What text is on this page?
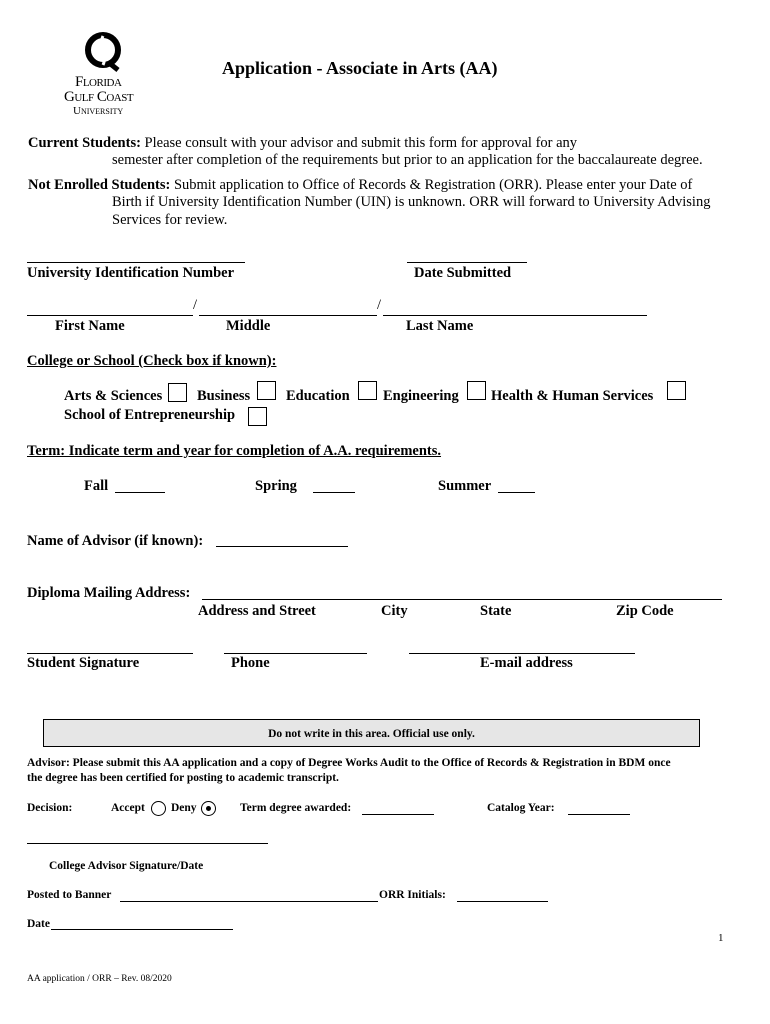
Florida
Gulf Coast
University
Application - Associate in Arts (AA)
Current Students: Please consult with your advisor and submit this form for approval for any
semester after completion of the requirements but prior to an application for the baccalaureate degree.
Not Enrolled Students: Submit application to Office of Records & Registration (ORR). Please enter your Date of
Birth if University Identification Number (UIN) is unknown. ORR will forward to University Advising
Services for review.
University Identification Number	Date Submitted
/	/
First Name	Middle	Last Name
College or School (Check box if known):
Arts & Sciences Business Education Engineering Health & Human Services
School of Entrepreneurship
Term: Indicate term and year for completion of A.A. requirements.
Fall	Spring	Summer
Name of Advisor (if known):
Diploma Mailing Address:
Address and Street	City	State	Zip Code
Student Signature	Phone	E-mail address
Do not write in this area. Official use only.
Advisor: Please submit this AA application and a copy of Degree Works Audit to the Office of Records & Registration in BDM once
the degree has been certified for posting to academic transcript.
Decision:	Accept Deny	Term degree awarded:	Catalog Year:
College Advisor Signature/Date
Posted to Banner	ORR Initials:
Date
1
AA application / ORR – Rev. 08/2020
